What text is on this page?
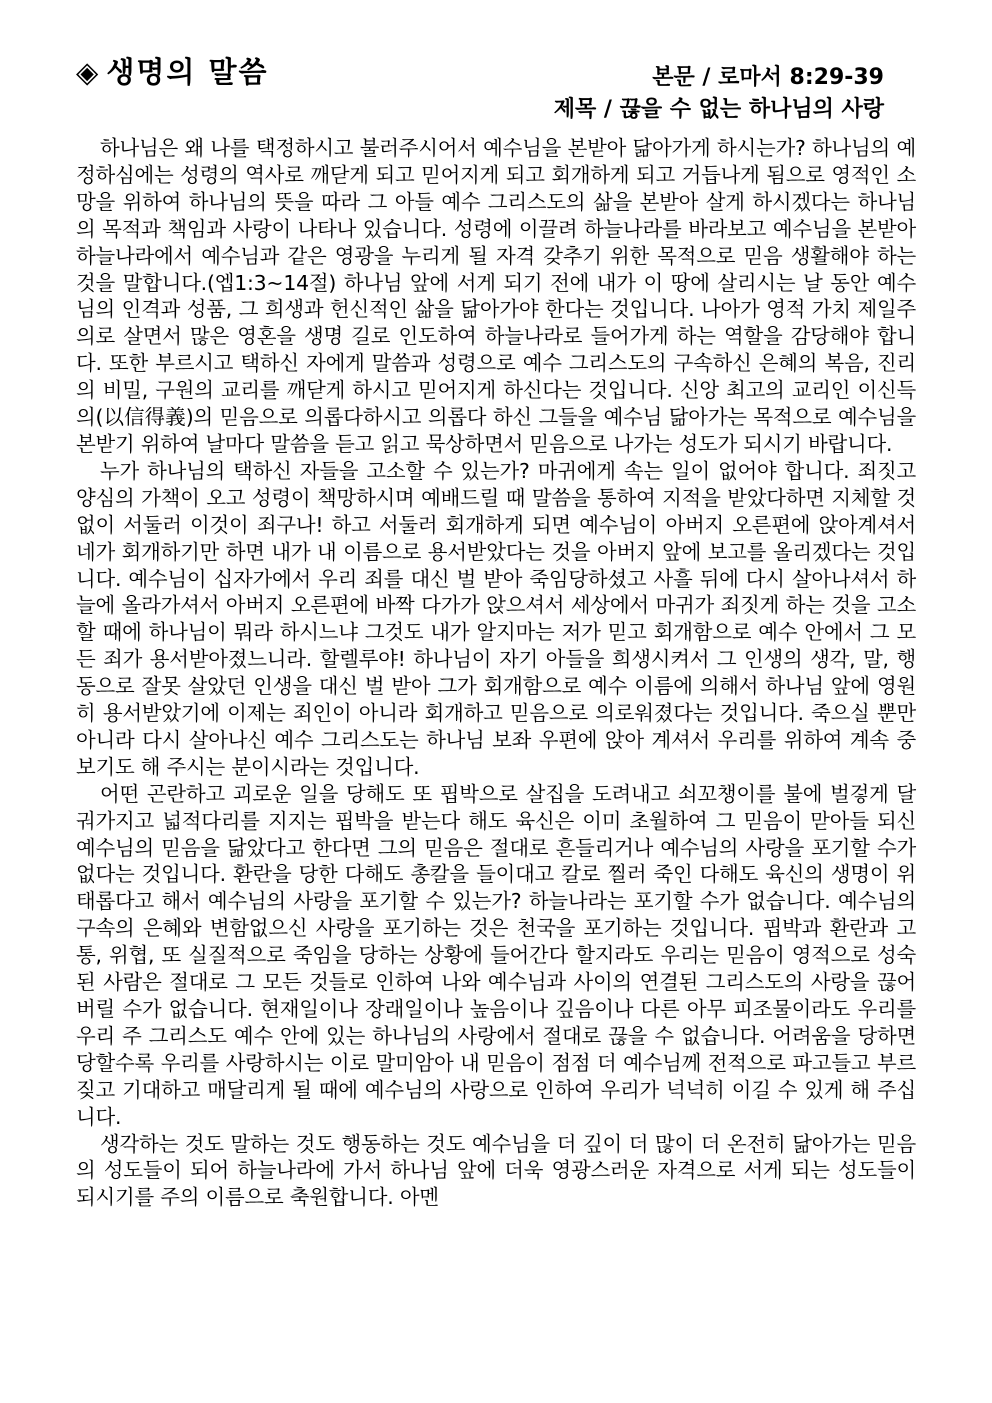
◈ 생명의 말씀	본문 / 로마서 8:29-39
제목 / 끊을 수 없는 하나님의 사랑

하나님은 왜 나를 택정하시고 불러주시어서 예수님을 본받아 닮아가게 하시는가? 하나님의 예정하심에는 성령의 역사로 깨닫게 되고 믿어지게 되고 회개하게 되고 거듭나게 됨으로 영적인 소망을 위하여 하나님의 뜻을 따라 그 아들 예수 그리스도의 삶을 본받아 살게 하시겠다는 하나님의 목적과 책임과 사랑이 나타나 있습니다. 성령에 이끌려 하늘나라를 바라보고 예수님을 본받아 하늘나라에서 예수님과 같은 영광을 누리게 될 자격 갖추기 위한 목적으로 믿음 생활해야 하는 것을 말합니다.(엡1:3~14절) 하나님 앞에 서게 되기 전에 내가 이 땅에 살리시는 날 동안 예수님의 인격과 성품, 그 희생과 헌신적인 삶을 닮아가야 한다는 것입니다. 나아가 영적 가치 제일주의로 살면서 많은 영혼을 생명 길로 인도하여 하늘나라로 들어가게 하는 역할을 감당해야 합니다. 또한 부르시고 택하신 자에게 말씀과 성령으로 예수 그리스도의 구속하신 은혜의 복음, 진리의 비밀, 구원의 교리를 깨닫게 하시고 믿어지게 하신다는 것입니다. 신앙 최고의 교리인 이신득의(以信得義)의 믿음으로 의롭다하시고 의롭다 하신 그들을 예수님 닮아가는 목적으로 예수님을 본받기 위하여 날마다 말씀을 듣고 읽고 묵상하면서 믿음으로 나가는 성도가 되시기 바랍니다.

누가 하나님의 택하신 자들을 고소할 수 있는가? 마귀에게 속는 일이 없어야 합니다. 죄짓고 양심의 가책이 오고 성령이 책망하시며 예배드릴 때 말씀을 통하여 지적을 받았다하면 지체할 것 없이 서둘러 이것이 죄구나! 하고 서둘러 회개하게 되면 예수님이 아버지 오른편에 앉아계셔서 네가 회개하기만 하면 내가 내 이름으로 용서받았다는 것을 아버지 앞에 보고를 올리겠다는 것입니다. 예수님이 십자가에서 우리 죄를 대신 벌 받아 죽임당하셨고 사흘 뒤에 다시 살아나셔서 하늘에 올라가셔서 아버지 오른편에 바짝 다가가 앉으셔서 세상에서 마귀가 죄짓게 하는 것을 고소할 때에 하나님이 뭐라 하시느냐 그것도 내가 알지마는 저가 믿고 회개함으로 예수 안에서 그 모든 죄가 용서받아졌느니라. 할렐루야! 하나님이 자기 아들을 희생시켜서 그 인생의 생각, 말, 행동으로 잘못 살았던 인생을 대신 벌 받아 그가 회개함으로 예수 이름에 의해서 하나님 앞에 영원히 용서받았기에 이제는 죄인이 아니라 회개하고 믿음으로 의로워졌다는 것입니다. 죽으실 뿐만 아니라 다시 살아나신 예수 그리스도는 하나님 보좌 우편에 앉아 계셔서 우리를 위하여 계속 중보기도 해 주시는 분이시라는 것입니다.

어떤 곤란하고 괴로운 일을 당해도 또 핍박으로 살집을 도려내고 쇠꼬챙이를 불에 벌겋게 달궈가지고 넓적다리를 지지는 핍박을 받는다 해도 육신은 이미 초월하여 그 믿음이 맏아들 되신 예수님의 믿음을 닮았다고 한다면 그의 믿음은 절대로 흔들리거나 예수님의 사랑을 포기할 수가 없다는 것입니다. 환란을 당한 다해도 총칼을 들이대고 칼로 찔러 죽인 다해도 육신의 생명이 위태롭다고 해서 예수님의 사랑을 포기할 수 있는가? 하늘나라는 포기할 수가 없습니다. 예수님의 구속의 은혜와 변함없으신 사랑을 포기하는 것은 천국을 포기하는 것입니다. 핍박과 환란과 고통, 위협, 또 실질적으로 죽임을 당하는 상황에 들어간다 할지라도 우리는 믿음이 영적으로 성숙된 사람은 절대로 그 모든 것들로 인하여 나와 예수님과 사이의 연결된 그리스도의 사랑을 끊어 버릴 수가 없습니다. 현재일이나 장래일이나 높음이나 깊음이나 다른 아무 피조물이라도 우리를 우리 주 그리스도 예수 안에 있는 하나님의 사랑에서 절대로 끊을 수 없습니다. 어려움을 당하면 당할수록 우리를 사랑하시는 이로 말미암아 내 믿음이 점점 더 예수님께 전적으로 파고들고 부르짖고 기대하고 매달리게 될 때에 예수님의 사랑으로 인하여 우리가 넉넉히 이길 수 있게 해 주십니다.

생각하는 것도 말하는 것도 행동하는 것도 예수님을 더 깊이 더 많이 더 온전히 닮아가는 믿음의 성도들이 되어 하늘나라에 가서 하나님 앞에 더욱 영광스러운 자격으로 서게 되는 성도들이 되시기를 주의 이름으로 축원합니다. 아멘
